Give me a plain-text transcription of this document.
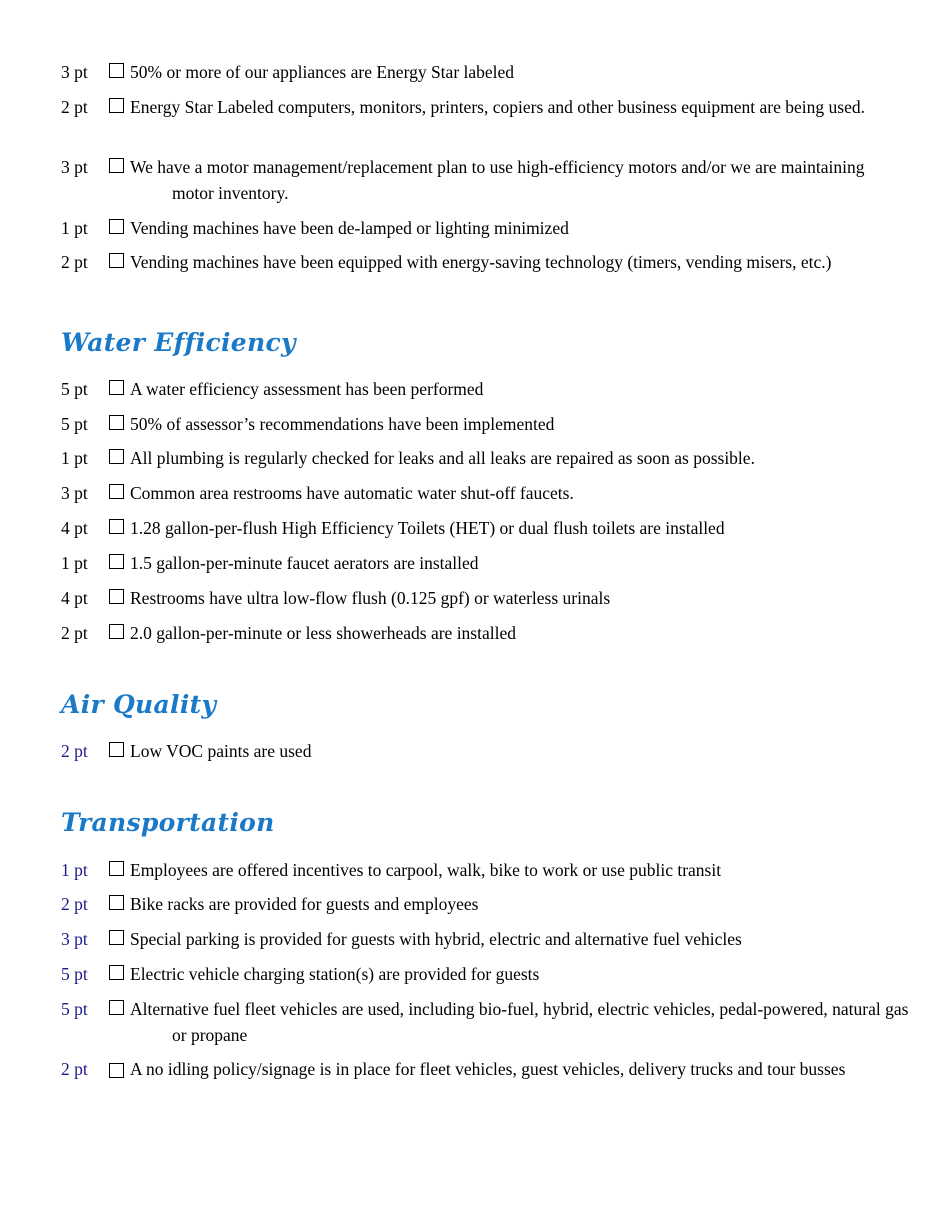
3 pt	50% or more of our appliances are Energy Star labeled
2 pt	Energy Star Labeled computers, monitors, printers, copiers and other business equipment are being used.
3 pt	We have a motor management/replacement plan to use high-efficiency motors and/or we are maintaining motor inventory.
1 pt	Vending machines have been de-lamped or lighting minimized
2 pt	Vending machines have been equipped with energy-saving technology (timers, vending misers, etc.)
Water Efficiency
5 pt	A water efficiency assessment has been performed
5 pt	50% of assessor’s recommendations have been implemented
1 pt	All plumbing is regularly checked for leaks and all leaks are repaired as soon as possible.
3 pt	Common area restrooms have automatic water shut-off faucets.
4 pt	1.28 gallon-per-flush High Efficiency Toilets (HET) or dual flush toilets are installed
1 pt	1.5 gallon-per-minute faucet aerators are installed
4 pt	Restrooms have ultra low-flow flush (0.125 gpf) or waterless urinals
2 pt	2.0 gallon-per-minute or less showerheads are installed
Air Quality
2 pt	Low VOC paints are used
Transportation
1 pt	Employees are offered incentives to carpool, walk, bike to work or use public transit
2 pt	Bike racks are provided for guests and employees
3 pt	Special parking is provided for guests with hybrid, electric and alternative fuel vehicles
5 pt	Electric vehicle charging station(s) are provided for guests
5 pt	Alternative fuel fleet vehicles are used, including bio-fuel, hybrid, electric vehicles, pedal-powered, natural gas or propane
2 pt	A no idling policy/signage is in place for fleet vehicles, guest vehicles, delivery trucks and tour busses
